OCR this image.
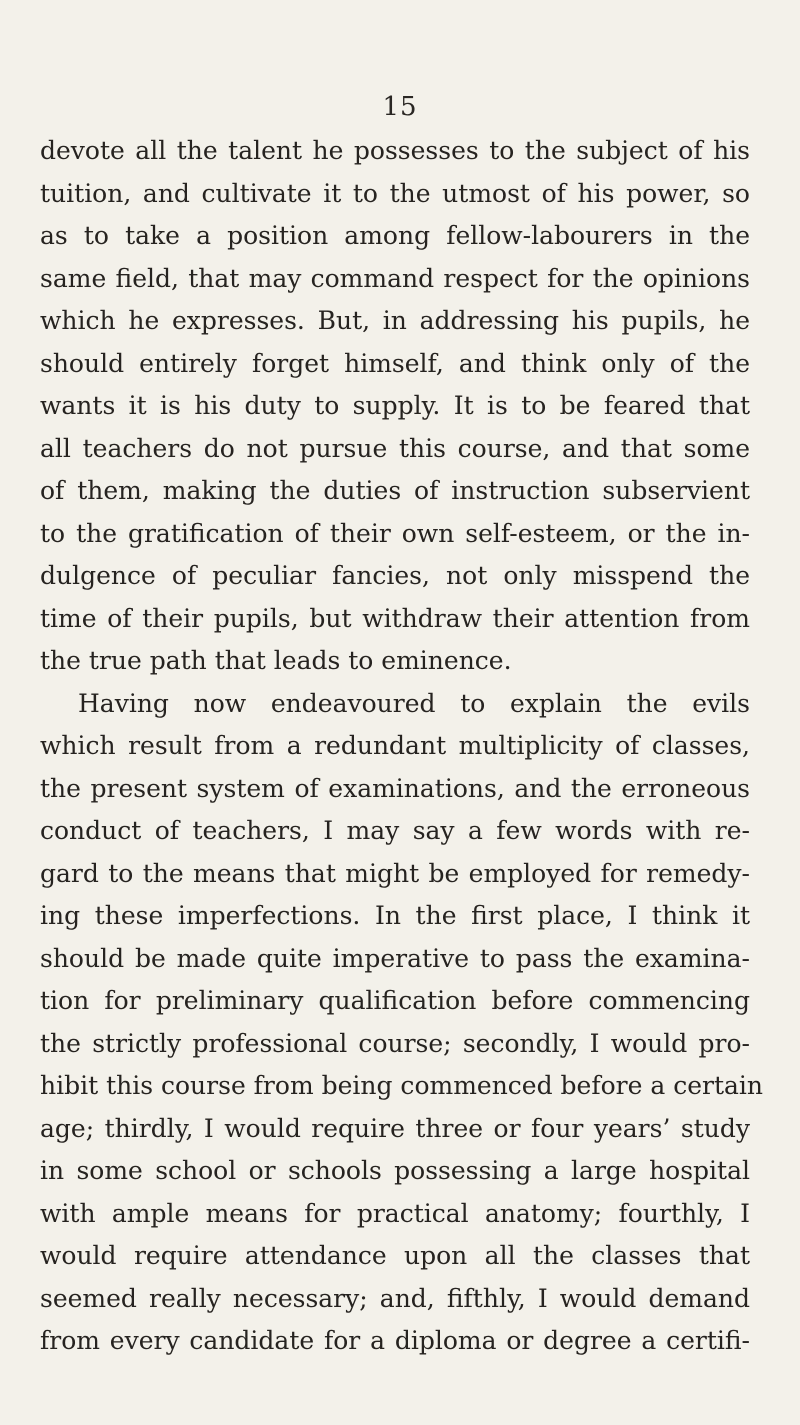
15
devote all the talent he possesses to the subject of his
tuition, and cultivate it to the utmost of his power, so
as to take a position among fellow-labourers in the
same field, that may command respect for the opinions
which he expresses. But, in addressing his pupils, he
should entirely forget himself, and think only of the
wants it is his duty to supply. It is to be feared that
all teachers do not pursue this course, and that some
of them, making the duties of instruction subservient
to the gratification of their own self-esteem, or the in-
dulgence of peculiar fancies, not only misspend the
time of their pupils, but withdraw their attention from
the true path that leads to eminence.
Having now endeavoured to explain the evils
which result from a redundant multiplicity of classes,
the present system of examinations, and the erroneous
conduct of teachers, I may say a few words with re-
gard to the means that might be employed for remedy-
ing these imperfections. In the first place, I think it
should be made quite imperative to pass the examina-
tion for preliminary qualification before commencing
the strictly professional course; secondly, I would pro-
hibit this course from being commenced before a certain
age; thirdly, I would require three or four years’ study
in some school or schools possessing a large hospital
with ample means for practical anatomy; fourthly, I
would require attendance upon all the classes that
seemed really necessary; and, fifthly, I would demand
from every candidate for a diploma or degree a certifi-
